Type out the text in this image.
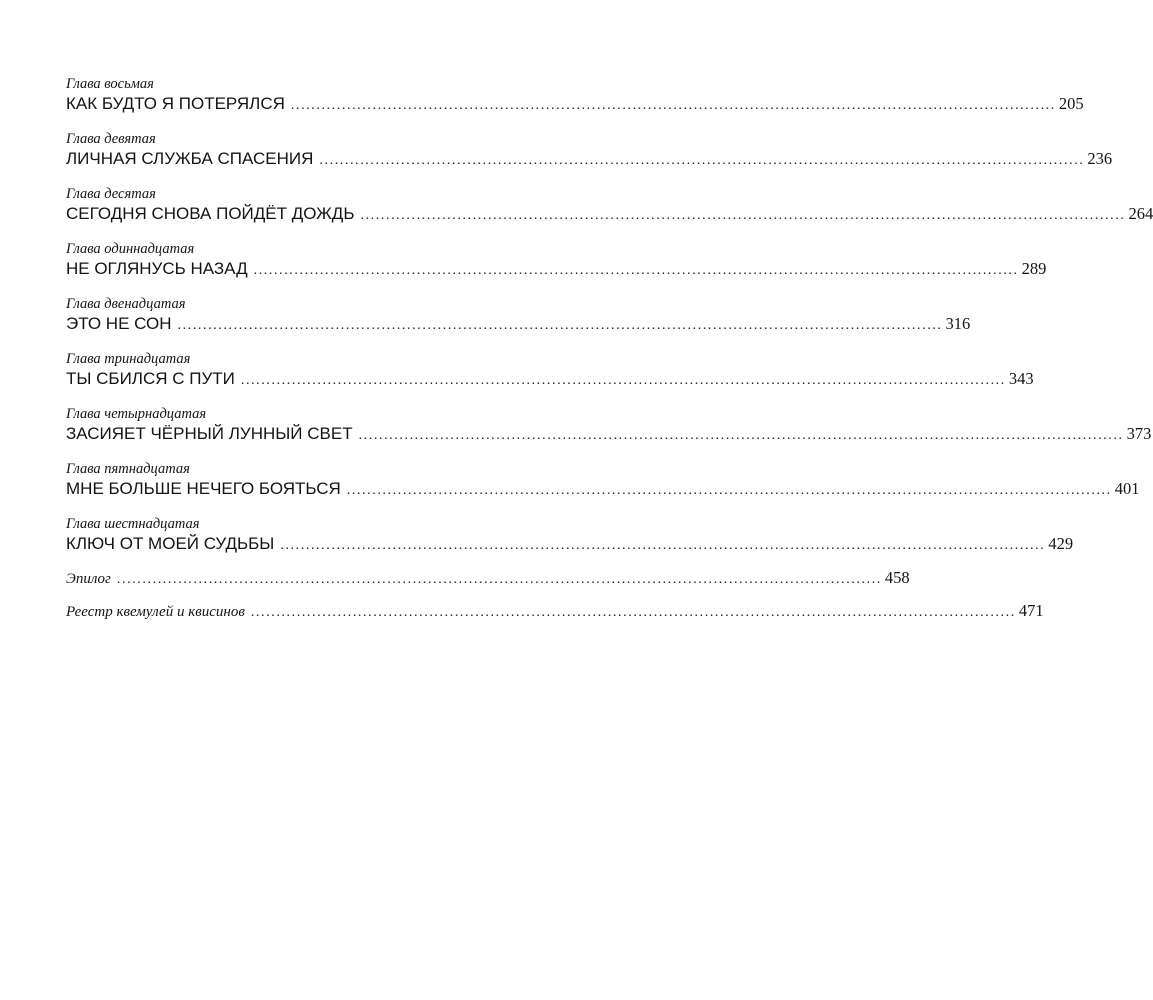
Глава восьмая
КАК БУДТО Я ПОТЕРЯЛСЯ ...................................................................................................................................................... 205
Глава девятая
ЛИЧНАЯ СЛУЖБА СПАСЕНИЯ ...................................................................................................................................................... 236
Глава десятая
СЕГОДНЯ СНОВА ПОЙДЁТ ДОЖДЬ ...................................................................................................................................................... 264
Глава одиннадцатая
НЕ ОГЛЯНУСЬ НАЗАД ...................................................................................................................................................... 289
Глава двенадцатая
ЭТО НЕ СОН ...................................................................................................................................................... 316
Глава тринадцатая
ТЫ СБИЛСЯ С ПУТИ ...................................................................................................................................................... 343
Глава четырнадцатая
ЗАСИЯЕТ ЧЁРНЫЙ ЛУННЫЙ СВЕТ ...................................................................................................................................................... 373
Глава пятнадцатая
МНЕ БОЛЬШЕ НЕЧЕГО БОЯТЬСЯ ...................................................................................................................................................... 401
Глава шестнадцатая
КЛЮЧ ОТ МОЕЙ СУДЬБЫ ...................................................................................................................................................... 429
Эпилог ...................................................................................................................................................... 458
Реестр квемулей и квисинов ...................................................................................................................................................... 471
